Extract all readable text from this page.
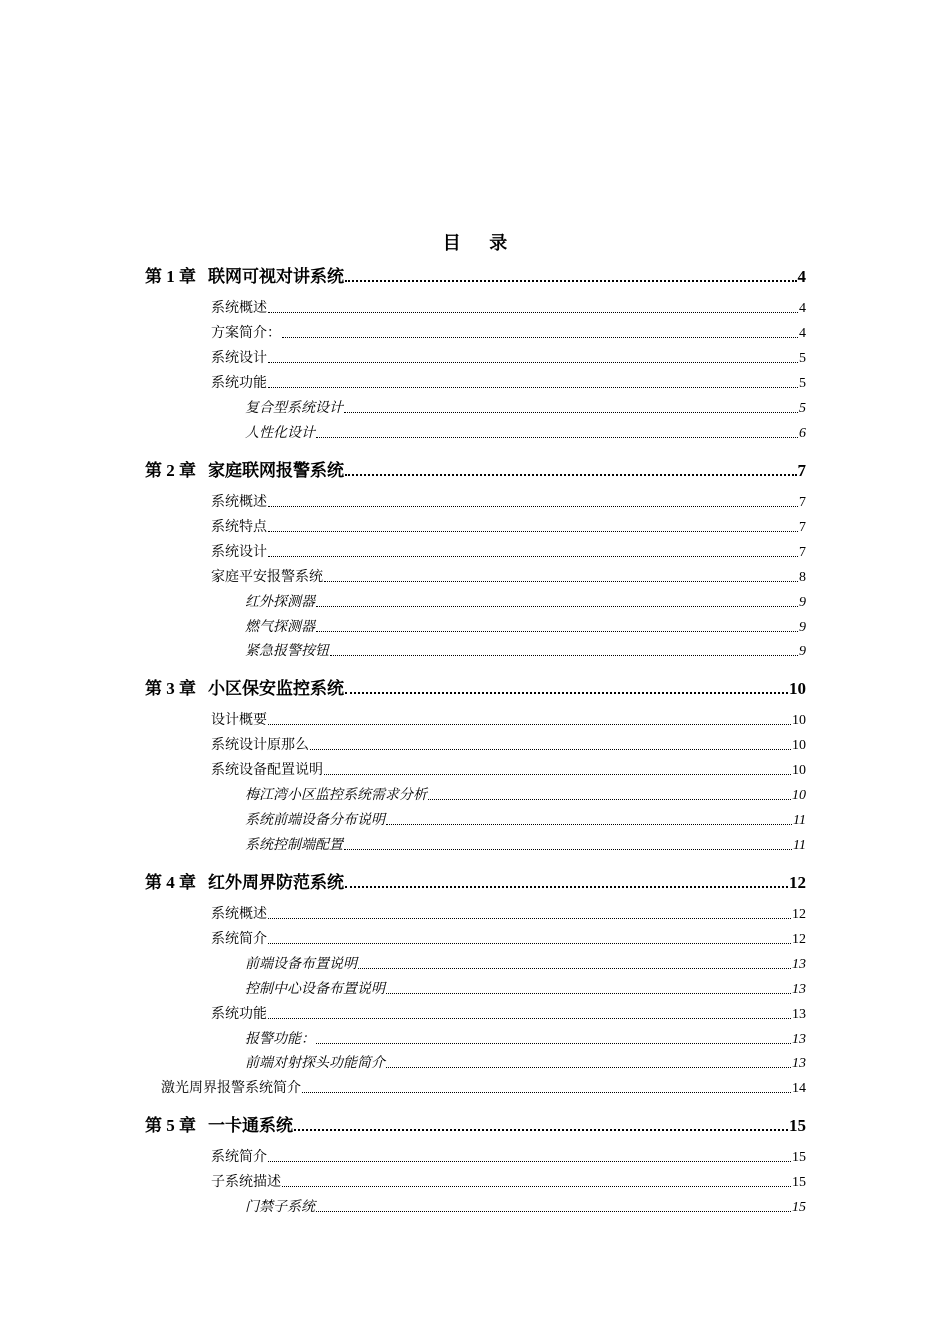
目 录
第 1 章 联网可视对讲系统	4
系统概述	4
方案简介：	4
系统设计	5
系统功能	5
复合型系统设计	5
人性化设计	6
第 2 章 家庭联网报警系统	7
系统概述	7
系统特点	7
系统设计	7
家庭平安报警系统	8
红外探测器	9
燃气探测器	9
紧急报警按钮	9
第 3 章 小区保安监控系统	10
设计概要	10
系统设计原那么	10
系统设备配置说明	10
梅江湾小区监控系统需求分析	10
系统前端设备分布说明	11
系统控制端配置	11
第 4 章 红外周界防范系统	12
系统概述	12
系统简介	12
前端设备布置说明	13
控制中心设备布置说明	13
系统功能	13
报警功能：	13
前端对射探头功能简介	13
激光周界报警系统简介	14
第 5 章 一卡通系统	15
系统简介	15
子系统描述	15
门禁子系统	15
